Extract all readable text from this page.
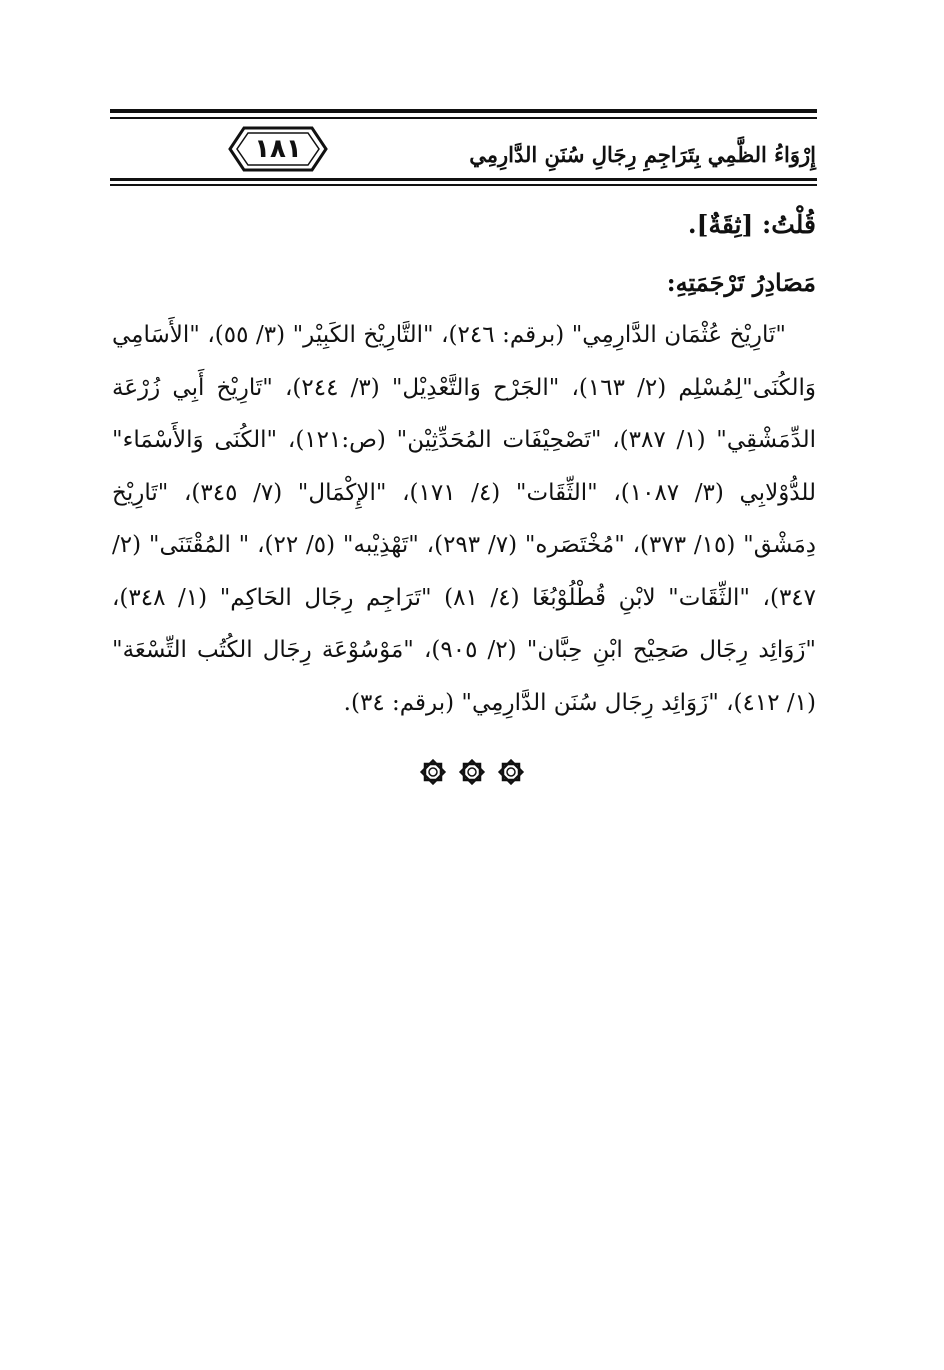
١٨١	إِرْوَاءُ الظَّمِي بِتَرَاجِمِ رِجَالِ سُنَنِ الدَّارِمِي

قُلْتُ: [ثِقَةٌ].

مَصَادِرُ تَرْجَمَتِهِ:

"تَارِيْخ عُثْمَان الدَّارِمِي" (برقم: ٢٤٦)، "التَّارِيْخ الكَبِيْر" (٣/ ٥٥)، "الأَسَامِي وَالكُنَى"لِمُسْلِم (٢/ ١٦٣)، "الجَرْح وَالتَّعْدِيْل" (٣/ ٢٤٤)، "تَارِيْخ أَبِي زُرْعَة الدِّمَشْقِي" (١/ ٣٨٧)، "تَصْحِيْفَات المُحَدِّثِيْن" (ص:١٢١)، "الكُنَى وَالأَسْمَاء" للدُّوْلابِي (٣/ ١٠٨٧)، "الثِّقَات" (٤/ ١٧١)، "الإِكْمَال" (٧/ ٣٤٥)، "تَارِيْخ دِمَشْق" (١٥/ ٣٧٣)، "مُخْتَصَره" (٧/ ٢٩٣)، "تَهْذِيْبه" (٥/ ٢٢)، " المُقْتَنَى" (٢/ ٣٤٧)، "الثِّقَات" لابْنِ قُطْلُوْبُغَا (٤/ ٨١) "تَرَاجِم رِجَال الحَاكِم" (١/ ٣٤٨)، "زَوَائِد رِجَال صَحِيْح ابْنِ حِبَّان" (٢/ ٩٠٥)، "مَوْسُوْعَة رِجَال الكُتُب التِّسْعَة" (١/ ٤١٢)، "زَوَائِد رِجَال سُنَن الدَّارِمِي" (برقم: ٣٤).
